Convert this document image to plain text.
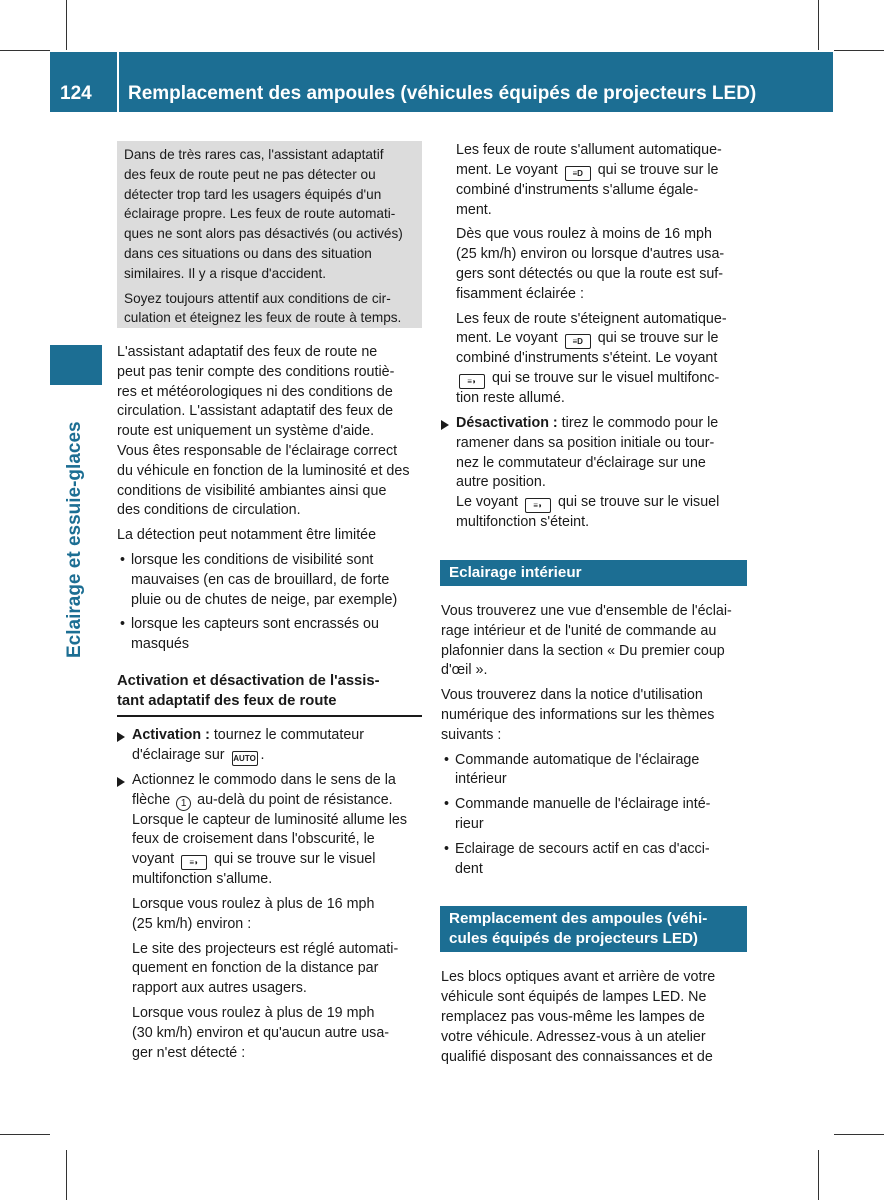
124 Remplacement des ampoules (véhicules équipés de projecteurs LED)
Eclairage et essuie-glaces

Dans de très rares cas, l'assistant adaptatif
des feux de route peut ne pas détecter ou
détecter trop tard les usagers équipés d'un
éclairage propre. Les feux de route automati-
ques ne sont alors pas désactivés (ou activés)
dans ces situations ou dans des situation
similaires. Il y a risque d'accident.

Soyez toujours attentif aux conditions de cir-
culation et éteignez les feux de route à temps.

L'assistant adaptatif des feux de route ne
peut pas tenir compte des conditions routiè-
res et météorologiques ni des conditions de
circulation. L'assistant adaptatif des feux de
route est uniquement un système d'aide.
Vous êtes responsable de l'éclairage correct
du véhicule en fonction de la luminosité et des
conditions de visibilité ambiantes ainsi que
des conditions de circulation.

La détection peut notamment être limitée

• lorsque les conditions de visibilité sont
mauvaises (en cas de brouillard, de forte
pluie ou de chutes de neige, par exemple)

• lorsque les capteurs sont encrassés ou
masqués

Activation et désactivation de l'assis-
tant adaptatif des feux de route

Activation : tournez le commutateur
d'éclairage sur AUTO .

Actionnez le commodo dans le sens de la
flèche 1 au-delà du point de résistance.
Lorsque le capteur de luminosité allume les
feux de croisement dans l'obscurité, le
voyant ≡◗ qui se trouve sur le visuel
multifonction s'allume.

Lorsque vous roulez à plus de 16 mph
(25 km/h) environ :

Le site des projecteurs est réglé automati-
quement en fonction de la distance par
rapport aux autres usagers.

Lorsque vous roulez à plus de 19 mph
(30 km/h) environ et qu'aucun autre usa-
ger n'est détecté :

Les feux de route s'allument automatique-
ment. Le voyant ≡D qui se trouve sur le
combiné d'instruments s'allume égale-
ment.

Dès que vous roulez à moins de 16 mph
(25 km/h) environ ou lorsque d'autres usa-
gers sont détectés ou que la route est suf-
fisamment éclairée :

Les feux de route s'éteignent automatique-
ment. Le voyant ≡D qui se trouve sur le
combiné d'instruments s'éteint. Le voyant
≡◗ qui se trouve sur le visuel multifonc-
tion reste allumé.

Désactivation : tirez le commodo pour le
ramener dans sa position initiale ou tour-
nez le commutateur d'éclairage sur une
autre position.
Le voyant ≡◗ qui se trouve sur le visuel
multifonction s'éteint.

Eclairage intérieur

Vous trouverez une vue d'ensemble de l'éclai-
rage intérieur et de l'unité de commande au
plafonnier dans la section « Du premier coup
d'œil ».

Vous trouverez dans la notice d'utilisation
numérique des informations sur les thèmes
suivants :

• Commande automatique de l'éclairage
intérieur

• Commande manuelle de l'éclairage inté-
rieur

• Eclairage de secours actif en cas d'acci-
dent

Remplacement des ampoules (véhi-
cules équipés de projecteurs LED)

Les blocs optiques avant et arrière de votre
véhicule sont équipés de lampes LED. Ne
remplacez pas vous-même les lampes de
votre véhicule. Adressez-vous à un atelier
qualifié disposant des connaissances et de
